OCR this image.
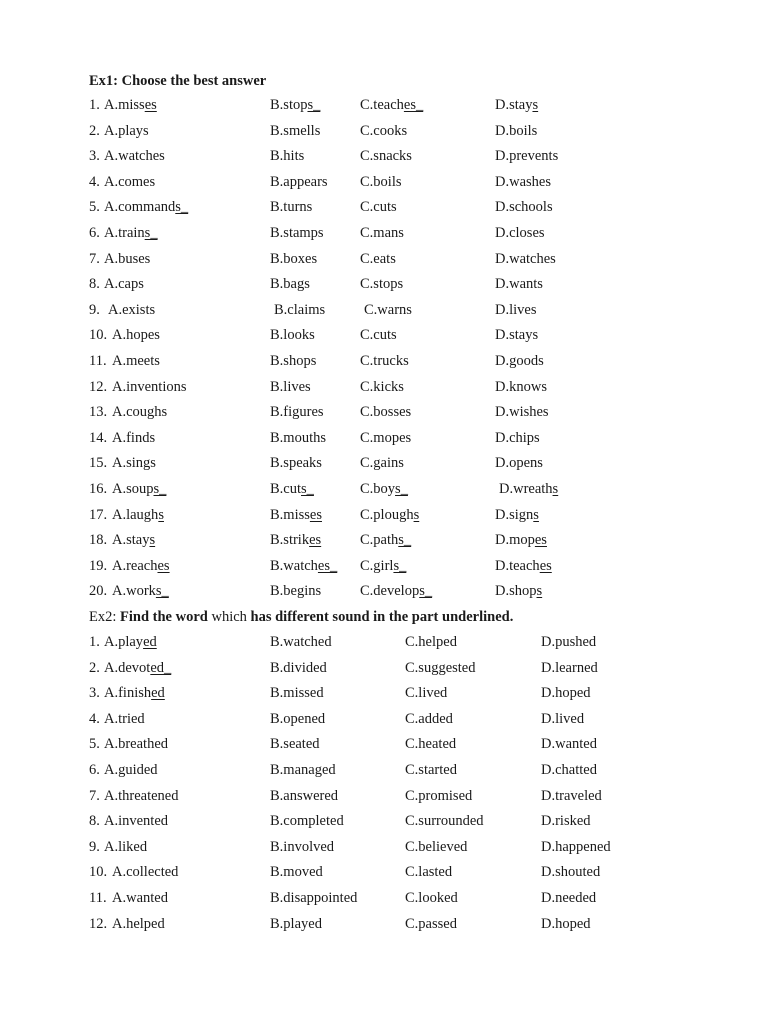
Ex1: Choose the best answer
1. A.misses	B.stops_	C.teaches_	D.stays
2. A.plays	B.smells	C.cooks	D.boils
3. A.watches	B.hits	C.snacks	D.prevents
4. A.comes	B.appears C.boils	D.washes
5. A.commands_	B.turns	C.cuts	D.schools
6. A.trains_	B.stamps	C.mans	D.closes
7. A.buses	B.boxes	C.eats	D.watches
8. A.caps	B.bags	C.stops	D.wants
9. A.exists	B.claims	C.warns	D.lives
10. A.hopes	B.looks	C.cuts	D.stays
11. A.meets	B.shops	C.trucks	D.goods
12. A.inventions	B.lives	C.kicks	D.knows
13. A.coughs	B.figures	C.bosses	D.wishes
14. A.finds	B.mouths C.mopes	D.chips
15. A.sings	B.speaks	C.gains	D.opens
16. A.soups_	B.cuts_	C.boys_	D.wreaths
17. A.laughs	B.misses	C.ploughs	D.signs
18. A.stays	B.strikes	C.paths_	D.mopes
19. A.reaches	B.watches_ C.girls_	D.teaches
20. A.works_	B.begins	C.develops_	D.shops
Ex2: Find the word which has different sound in the part underlined.
1. A.played	B.watched	C.helped	D.pushed
2. A.devoted_	B.divided	C.suggested	D.learned
3. A.finished	B.missed	C.lived	D.hoped
4. A.tried	B.opened	C.added	D.lived
5. A.breathed	B.seated	C.heated	D.wanted
6. A.guided	B.managed	C.started	D.chatted
7. A.threatened	B.answered	C.promised	D.traveled
8. A.invented	B.completed	C.surrounded	D.risked
9. A.liked	B.involved	C.believed	D.happened
10. A.collected	B.moved	C.lasted	D.shouted
11. A.wanted	B.disappointed	C.looked	D.needed
12. A.helped	B.played	C.passed	D.hoped
